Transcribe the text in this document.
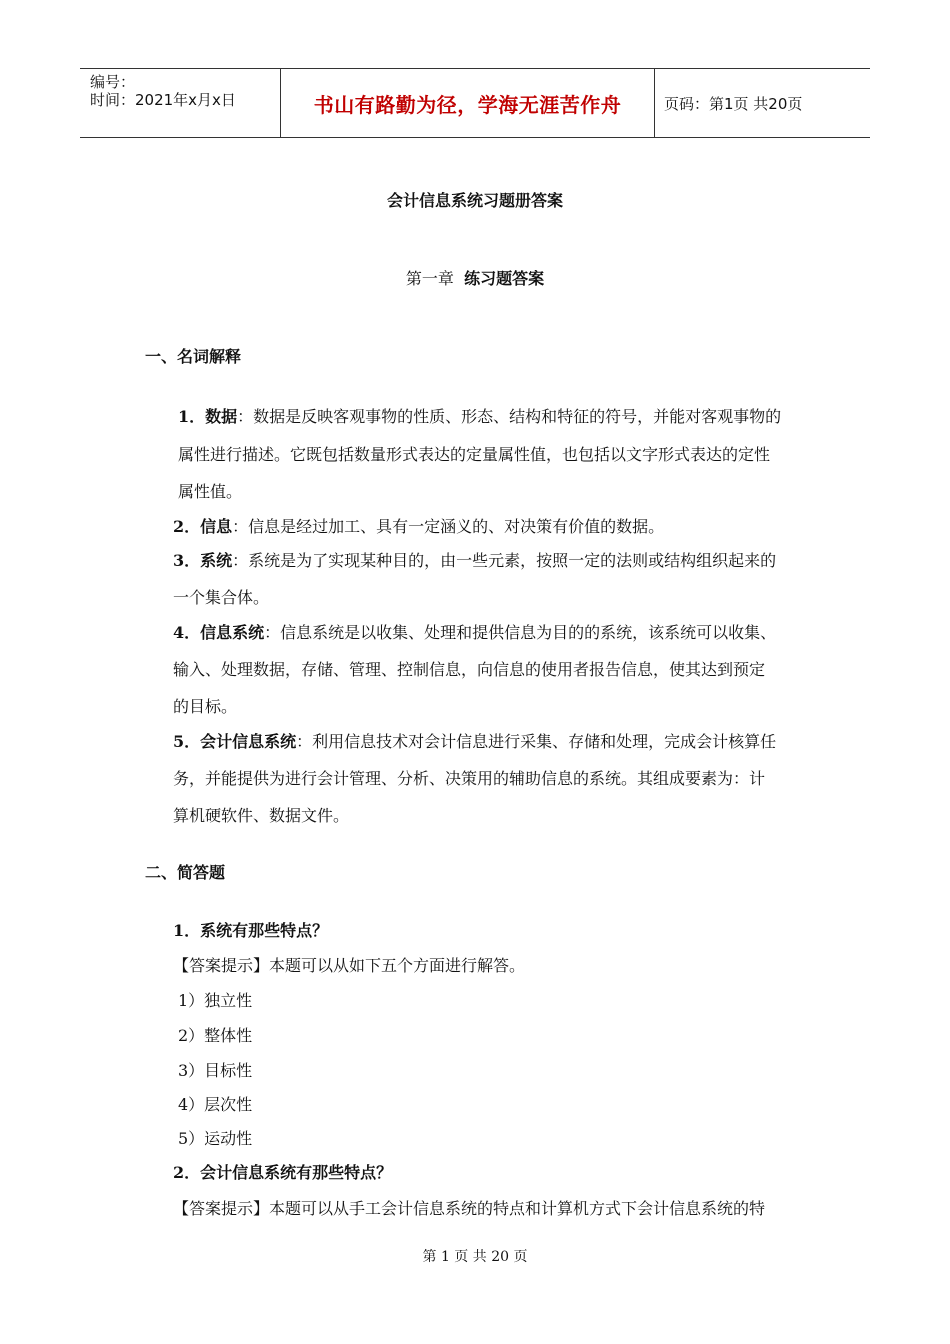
编号：
时间：2021年x月x日	书山有路勤为径，学海无涯苦作舟	页码：第1页 共20页
会计信息系统习题册答案
第一章 练习题答案
一、名词解释
1．数据：数据是反映客观事物的性质、形态、结构和特征的符号，并能对客观事物的
属性进行描述。它既包括数量形式表达的定量属性值，也包括以文字形式表达的定性
属性值。
2．信息：信息是经过加工、具有一定涵义的、对决策有价值的数据。
3．系统：系统是为了实现某种目的，由一些元素，按照一定的法则或结构组织起来的
一个集合体。
4．信息系统：信息系统是以收集、处理和提供信息为目的的系统，该系统可以收集、
输入、处理数据，存储、管理、控制信息，向信息的使用者报告信息，使其达到预定
的目标。
5．会计信息系统：利用信息技术对会计信息进行采集、存储和处理，完成会计核算任
务，并能提供为进行会计管理、分析、决策用的辅助信息的系统。其组成要素为：计
算机硬软件、数据文件。
二、简答题
1．系统有那些特点？
【答案提示】本题可以从如下五个方面进行解答。
1）独立性
2）整体性
3）目标性
4）层次性
5）运动性
2．会计信息系统有那些特点？
【答案提示】本题可以从手工会计信息系统的特点和计算机方式下会计信息系统的特
第 1 页 共 20 页
